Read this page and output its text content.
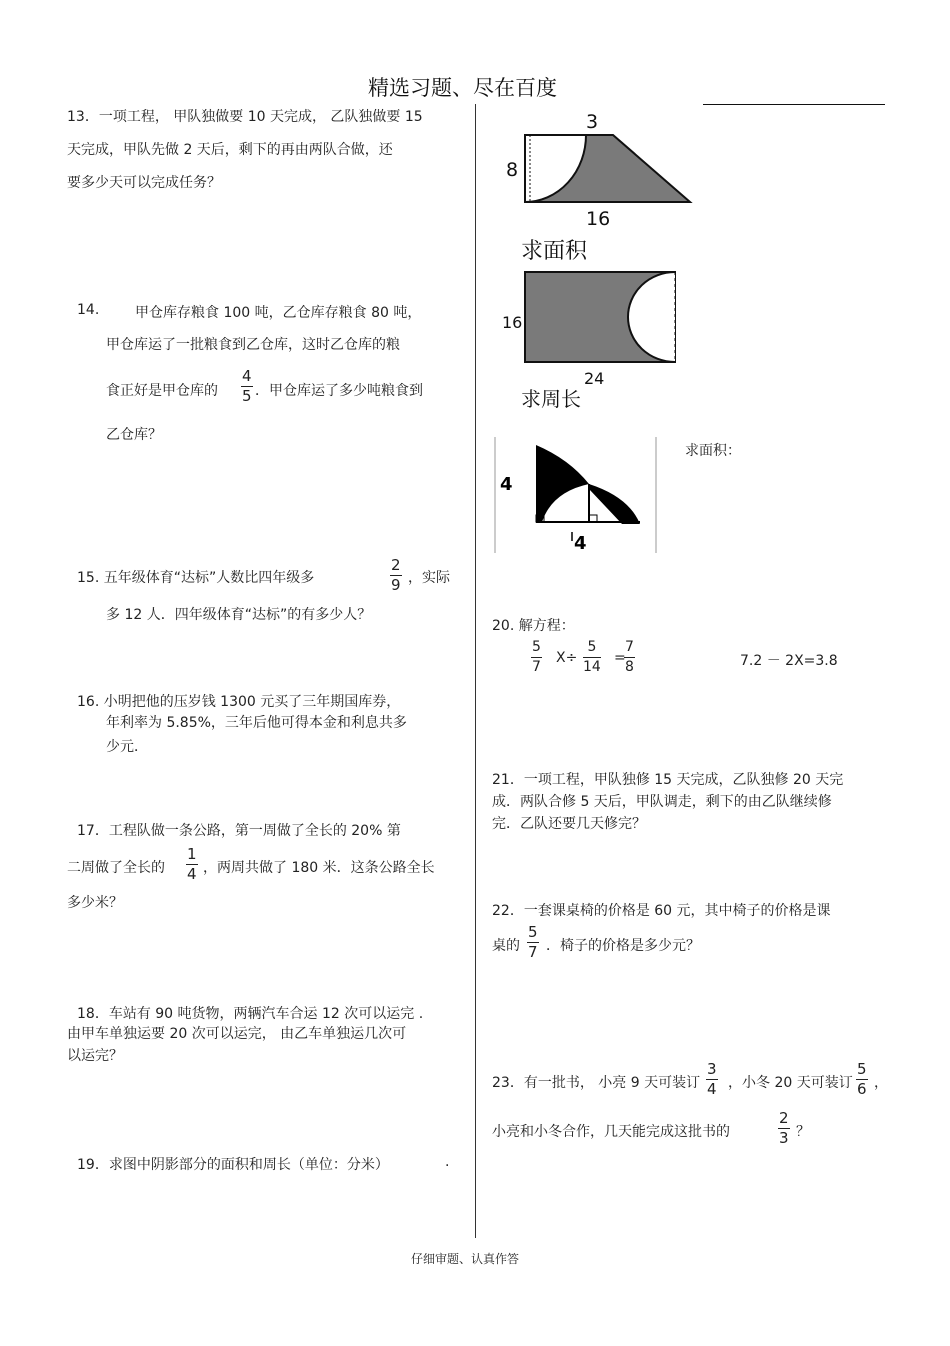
精选习题、尽在百度
13．一项工程， 甲队独做要 10 天完成， 乙队独做要 15
天完成，甲队先做 2 天后，剩下的再由两队合做，还
要多少天可以完成任务？
14.	甲仓库存粮食 100 吨，乙仓库存粮食 80 吨，
甲仓库运了一批粮食到乙仓库，这时乙仓库的粮
食正好是甲仓库的 $\frac{4}{5}$ ．甲仓库运了多少吨粮食到
乙仓库？
15. 五年级体育“达标”人数比四年级多	$\frac{2}{9}$ ，实际
多 12 人．四年级体育“达标”的有多少人？
16. 小明把他的压岁钱 1300 元买了三年期国库券，
年利率为 5.85%，三年后他可得本金和利息共多
少元．
17．工程队做一条公路，第一周做了全长的 20% 第
二周做了全长的 $\frac{1}{4}$ ，两周共做了 180 米．这条公路全长
多少米？
18．车站有 90 吨货物，两辆汽车合运 12 次可以运完 .
由甲车单独运要 20 次可以运完， 由乙车单独运几次可
以运完？
19．求图中阴影部分的面积和周长（单位：分米）	.
3
8
16
求面积
16
24
求周长
4
4
求面积：
20. 解方程：
$\frac{5}{7} X\div \frac{5}{14}$ =
$\frac{7}{8}$	7.2 － 2X=3.8
21．一项工程，甲队独修 15 天完成，乙队独修 20 天完
成．两队合修 5 天后，甲队调走，剩下的由乙队继续修
完．乙队还要几天修完？
22．一套课桌椅的价格是 60 元，其中椅子的价格是课
桌的 $\frac{5}{7}$ ．椅子的价格是多少元？
23．有一批书， 小亮 9 天可装订 $\frac{3}{4}$ ，小冬 20 天可装订 $\frac{5}{6}$ ，
小亮和小冬合作，几天能完成这批书的	$\frac{2}{3}$ ？
仔细审题、认真作答
